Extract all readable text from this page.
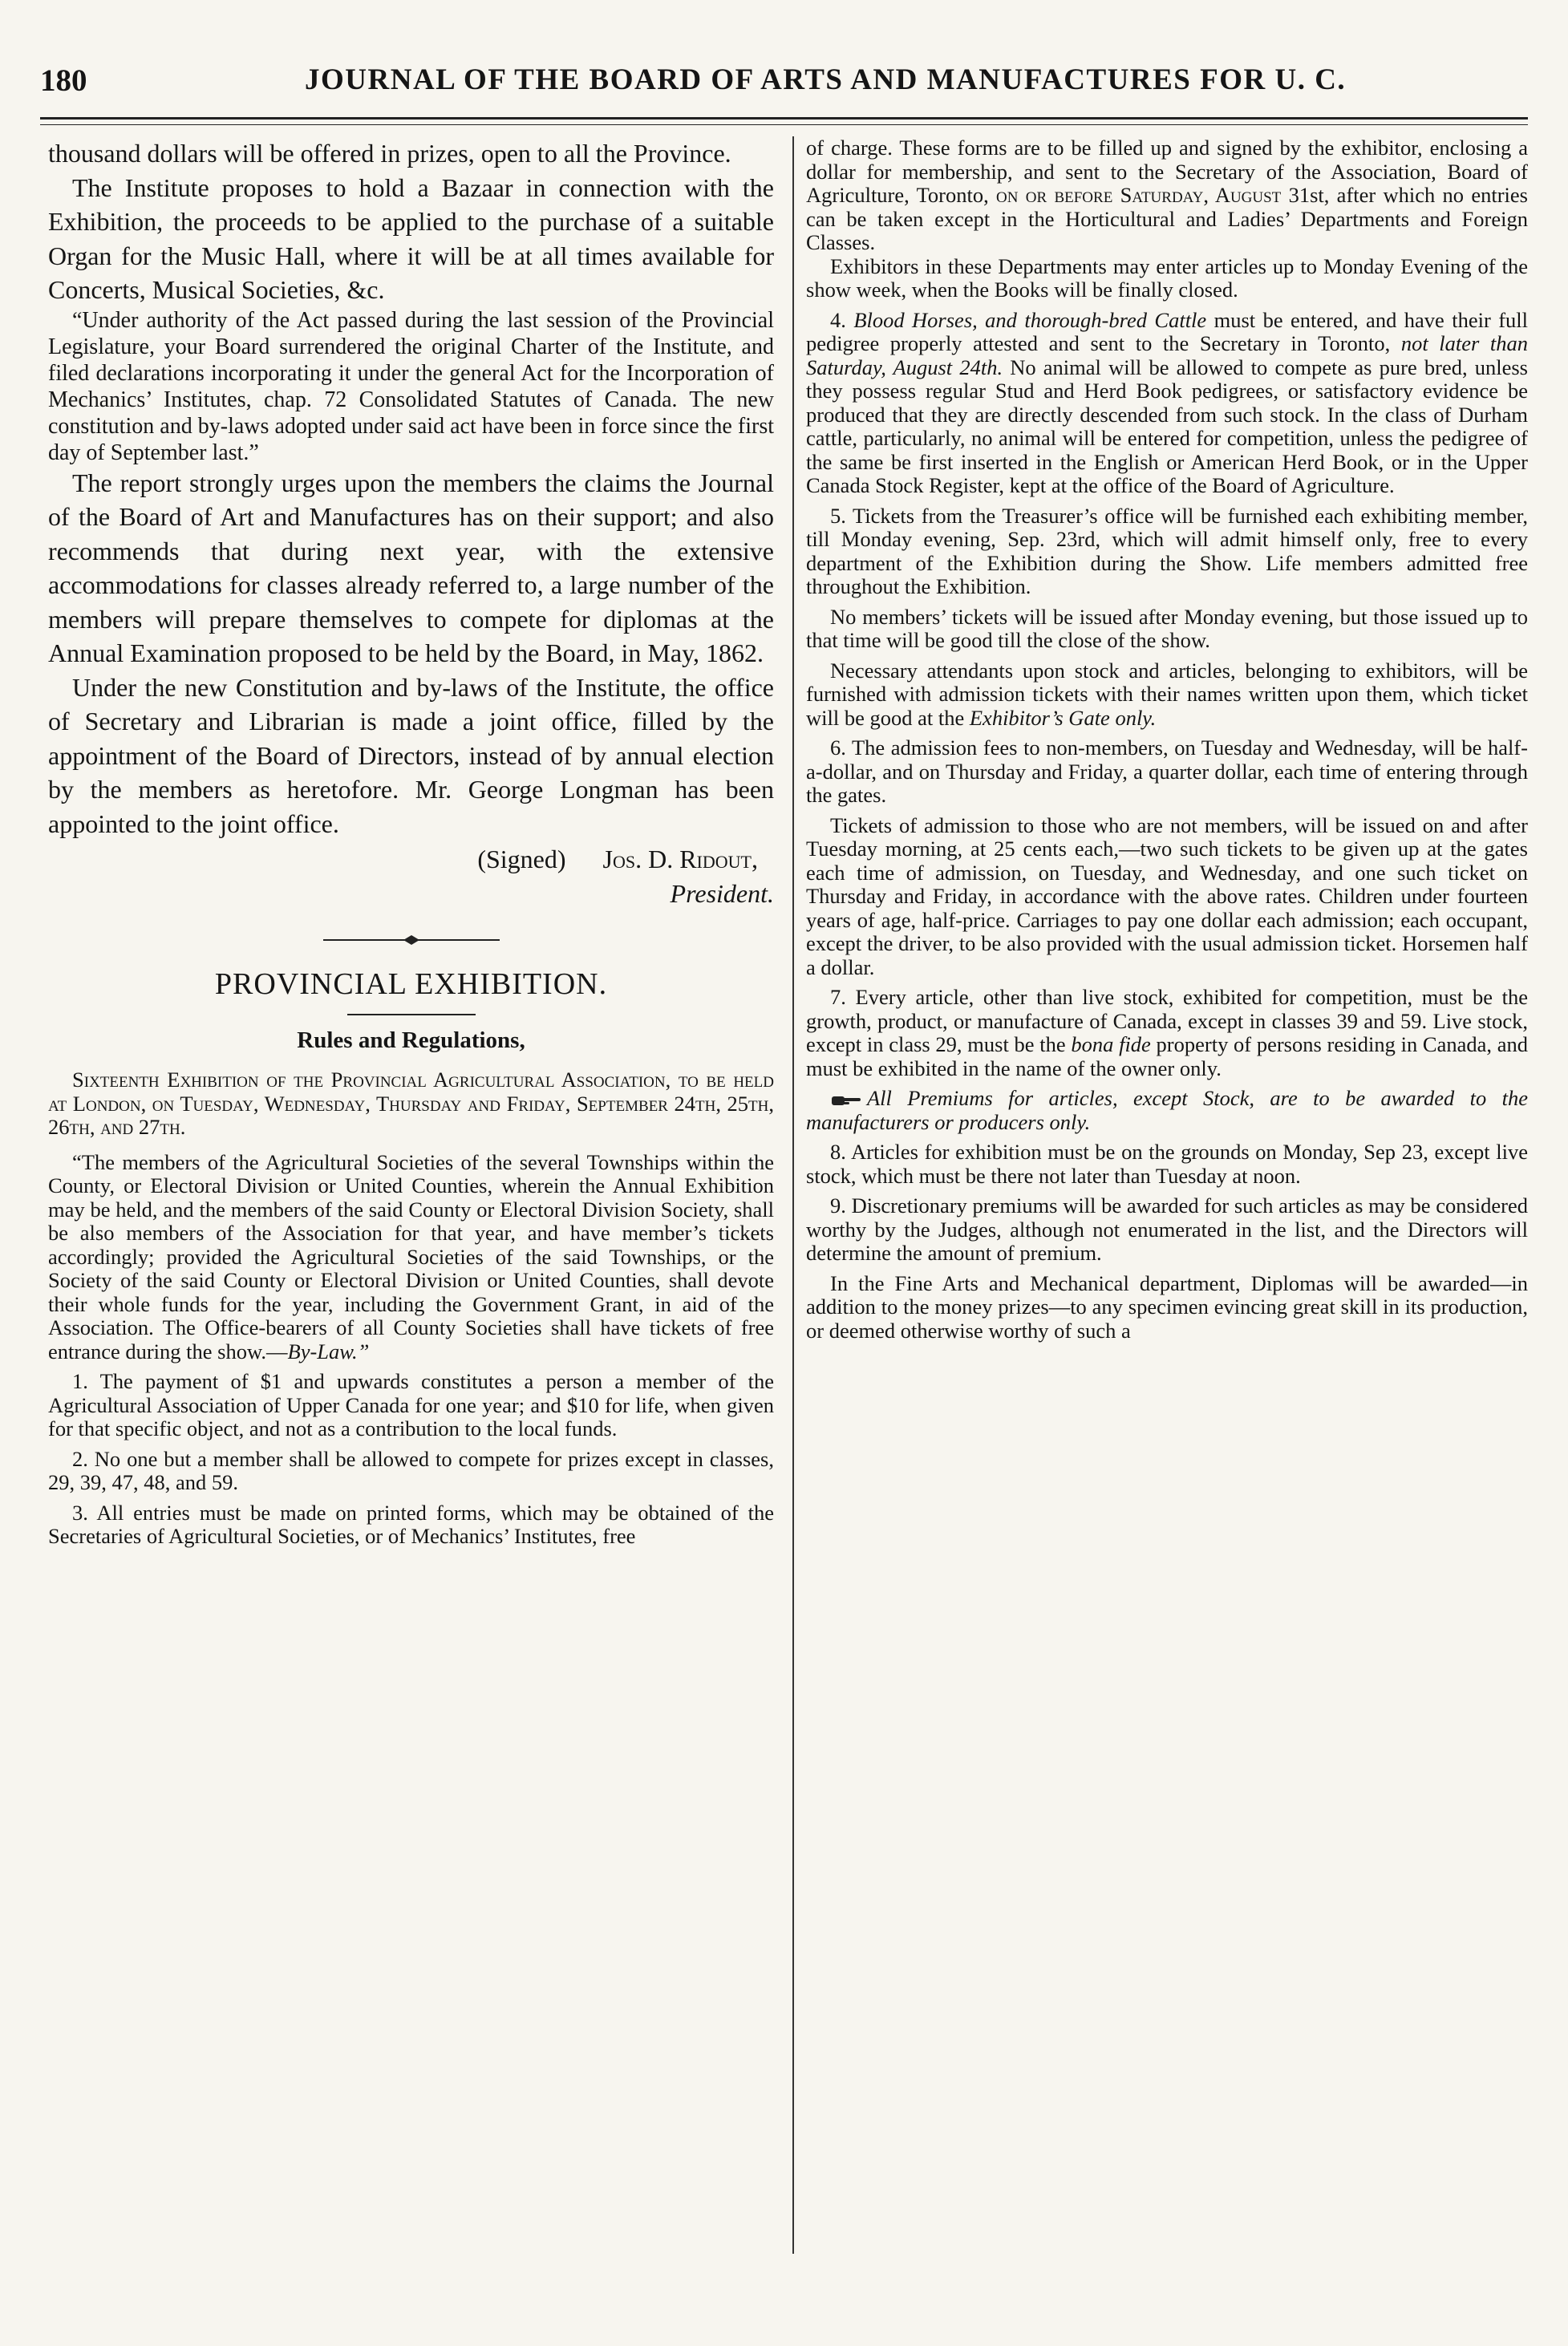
180	JOURNAL OF THE BOARD OF ARTS AND MANUFACTURES FOR U. C.

thousand dollars will be offered in prizes, open to all the Province.

The Institute proposes to hold a Bazaar in connection with the Exhibition, the proceeds to be applied to the purchase of a suitable Organ for the Music Hall, where it will be at all times available for Concerts, Musical Societies, &c.

“Under authority of the Act passed during the last session of the Provincial Legislature, your Board surrendered the original Charter of the Institute, and filed declarations incorporating it under the general Act for the Incorporation of Mechanics’ Institutes, chap. 72 Consolidated Statutes of Canada. The new constitution and by-laws adopted under said act have been in force since the first day of September last.”

The report strongly urges upon the members the claims the Journal of the Board of Art and Manufactures has on their support; and also recommends that during next year, with the extensive accommodations for classes already referred to, a large number of the members will prepare themselves to compete for diplomas at the Annual Examination proposed to be held by the Board, in May, 1862.

Under the new Constitution and by-laws of the Institute, the office of Secretary and Librarian is made a joint office, filled by the appointment of the Board of Directors, instead of by annual election by the members as heretofore. Mr. George Longman has been appointed to the joint office.

(Signed) Jos. D. Ridout,

President.

PROVINCIAL EXHIBITION.
Rules and Regulations,

Sixteenth Exhibition of the Provincial Agricultural Association, to be held at London, on Tuesday, Wednesday, Thursday and Friday, September 24th, 25th, 26th, and 27th.

“The members of the Agricultural Societies of the several Townships within the County, or Electoral Division or United Counties, wherein the Annual Exhibition may be held, and the members of the said County or Electoral Division Society, shall be also members of the Association for that year, and have member’s tickets accordingly; provided the Agricultural Societies of the said Townships, or the Society of the said County or Electoral Division or United Counties, shall devote their whole funds for the year, including the Government Grant, in aid of the Association. The Office-bearers of all County Societies shall have tickets of free entrance during the show.—By-Law.”

1. The payment of $1 and upwards constitutes a person a member of the Agricultural Association of Upper Canada for one year; and $10 for life, when given for that specific object, and not as a contribution to the local funds.

2. No one but a member shall be allowed to compete for prizes except in classes, 29, 39, 47, 48, and 59.

3. All entries must be made on printed forms, which may be obtained of the Secretaries of Agricultural Societies, or of Mechanics’ Institutes, free

of charge. These forms are to be filled up and signed by the exhibitor, enclosing a dollar for membership, and sent to the Secretary of the Association, Board of Agriculture, Toronto, on or before Saturday, August 31st, after which no entries can be taken except in the Horticultural and Ladies’ Departments and Foreign Classes.

Exhibitors in these Departments may enter articles up to Monday Evening of the show week, when the Books will be finally closed.

4. Blood Horses, and thorough-bred Cattle must be entered, and have their full pedigree properly attested and sent to the Secretary in Toronto, not later than Saturday, August 24th. No animal will be allowed to compete as pure bred, unless they possess regular Stud and Herd Book pedigrees, or satisfactory evidence be produced that they are directly descended from such stock. In the class of Durham cattle, particularly, no animal will be entered for competition, unless the pedigree of the same be first inserted in the English or American Herd Book, or in the Upper Canada Stock Register, kept at the office of the Board of Agriculture.

5. Tickets from the Treasurer’s office will be furnished each exhibiting member, till Monday evening, Sep. 23rd, which will admit himself only, free to every department of the Exhibition during the Show. Life members admitted free throughout the Exhibition.

No members’ tickets will be issued after Monday evening, but those issued up to that time will be good till the close of the show.

Necessary attendants upon stock and articles, belonging to exhibitors, will be furnished with admission tickets with their names written upon them, which ticket will be good at the Exhibitor’s Gate only.

6. The admission fees to non-members, on Tuesday and Wednesday, will be half-a-dollar, and on Thursday and Friday, a quarter dollar, each time of entering through the gates.

Tickets of admission to those who are not members, will be issued on and after Tuesday morning, at 25 cents each,—two such tickets to be given up at the gates each time of admission, on Tuesday, and Wednesday, and one such ticket on Thursday and Friday, in accordance with the above rates. Children under fourteen years of age, half-price. Carriages to pay one dollar each admission; each occupant, except the driver, to be also provided with the usual admission ticket. Horsemen half a dollar.

7. Every article, other than live stock, exhibited for competition, must be the growth, product, or manufacture of Canada, except in classes 39 and 59. Live stock, except in class 29, must be the bona fide property of persons residing in Canada, and must be exhibited in the name of the owner only.

All Premiums for articles, except Stock, are to be awarded to the manufacturers or producers only.

8. Articles for exhibition must be on the grounds on Monday, Sep 23, except live stock, which must be there not later than Tuesday at noon.

9. Discretionary premiums will be awarded for such articles as may be considered worthy by the Judges, although not enumerated in the list, and the Directors will determine the amount of premium.

In the Fine Arts and Mechanical department, Diplomas will be awarded—in addition to the money prizes—to any specimen evincing great skill in its production, or deemed otherwise worthy of such a
